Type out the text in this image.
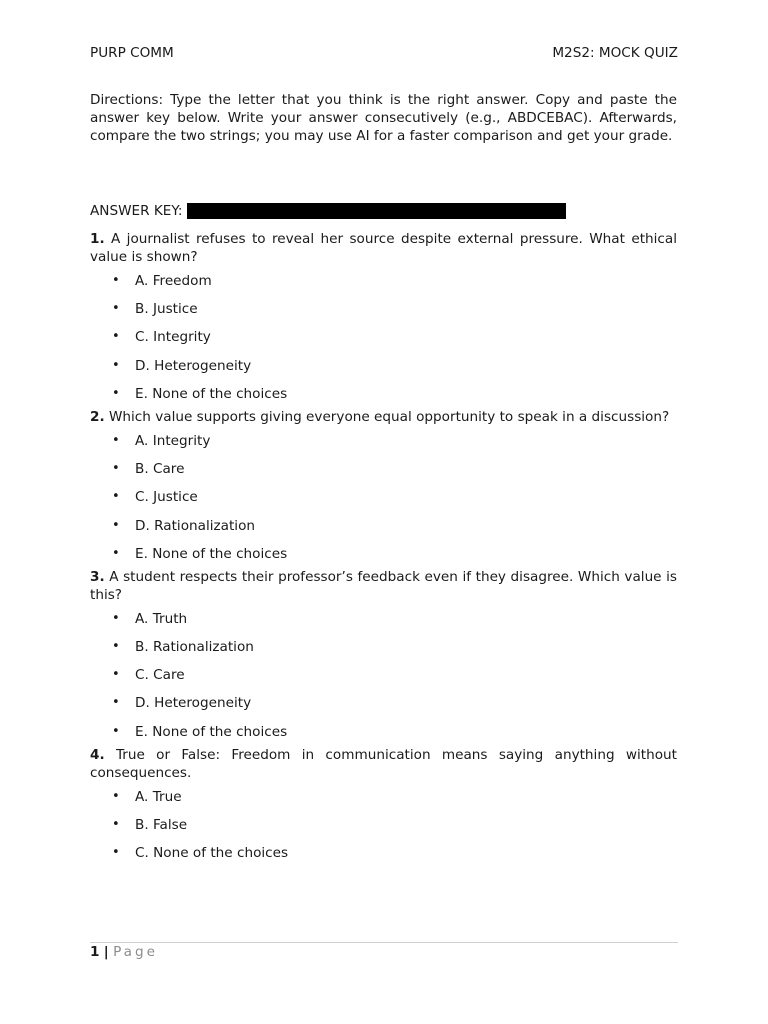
PURP COMM	M2S2: MOCK QUIZ

Directions: Type the letter that you think is the right answer. Copy and paste the answer key below. Write your answer consecutively (e.g., ABDCEBAC). Afterwards, compare the two strings; you may use AI for a faster comparison and get your grade.

ANSWER KEY: CCCBCCCBCCACBBBBBBCACCBCBCBCBBCACCBBBBDB

1. A journalist refuses to reveal her source despite external pressure. What ethical value is shown?

• A. Freedom
• B. Justice
• C. Integrity
• D. Heterogeneity
• E. None of the choices

2. Which value supports giving everyone equal opportunity to speak in a discussion?

• A. Integrity
• B. Care
• C. Justice
• D. Rationalization
• E. None of the choices

3. A student respects their professor’s feedback even if they disagree. Which value is this?

• A. Truth
• B. Rationalization
• C. Care
• D. Heterogeneity
• E. None of the choices

4. True or False: Freedom in communication means saying anything without consequences.

• A. True
• B. False
• C. None of the choices
1 | Page
